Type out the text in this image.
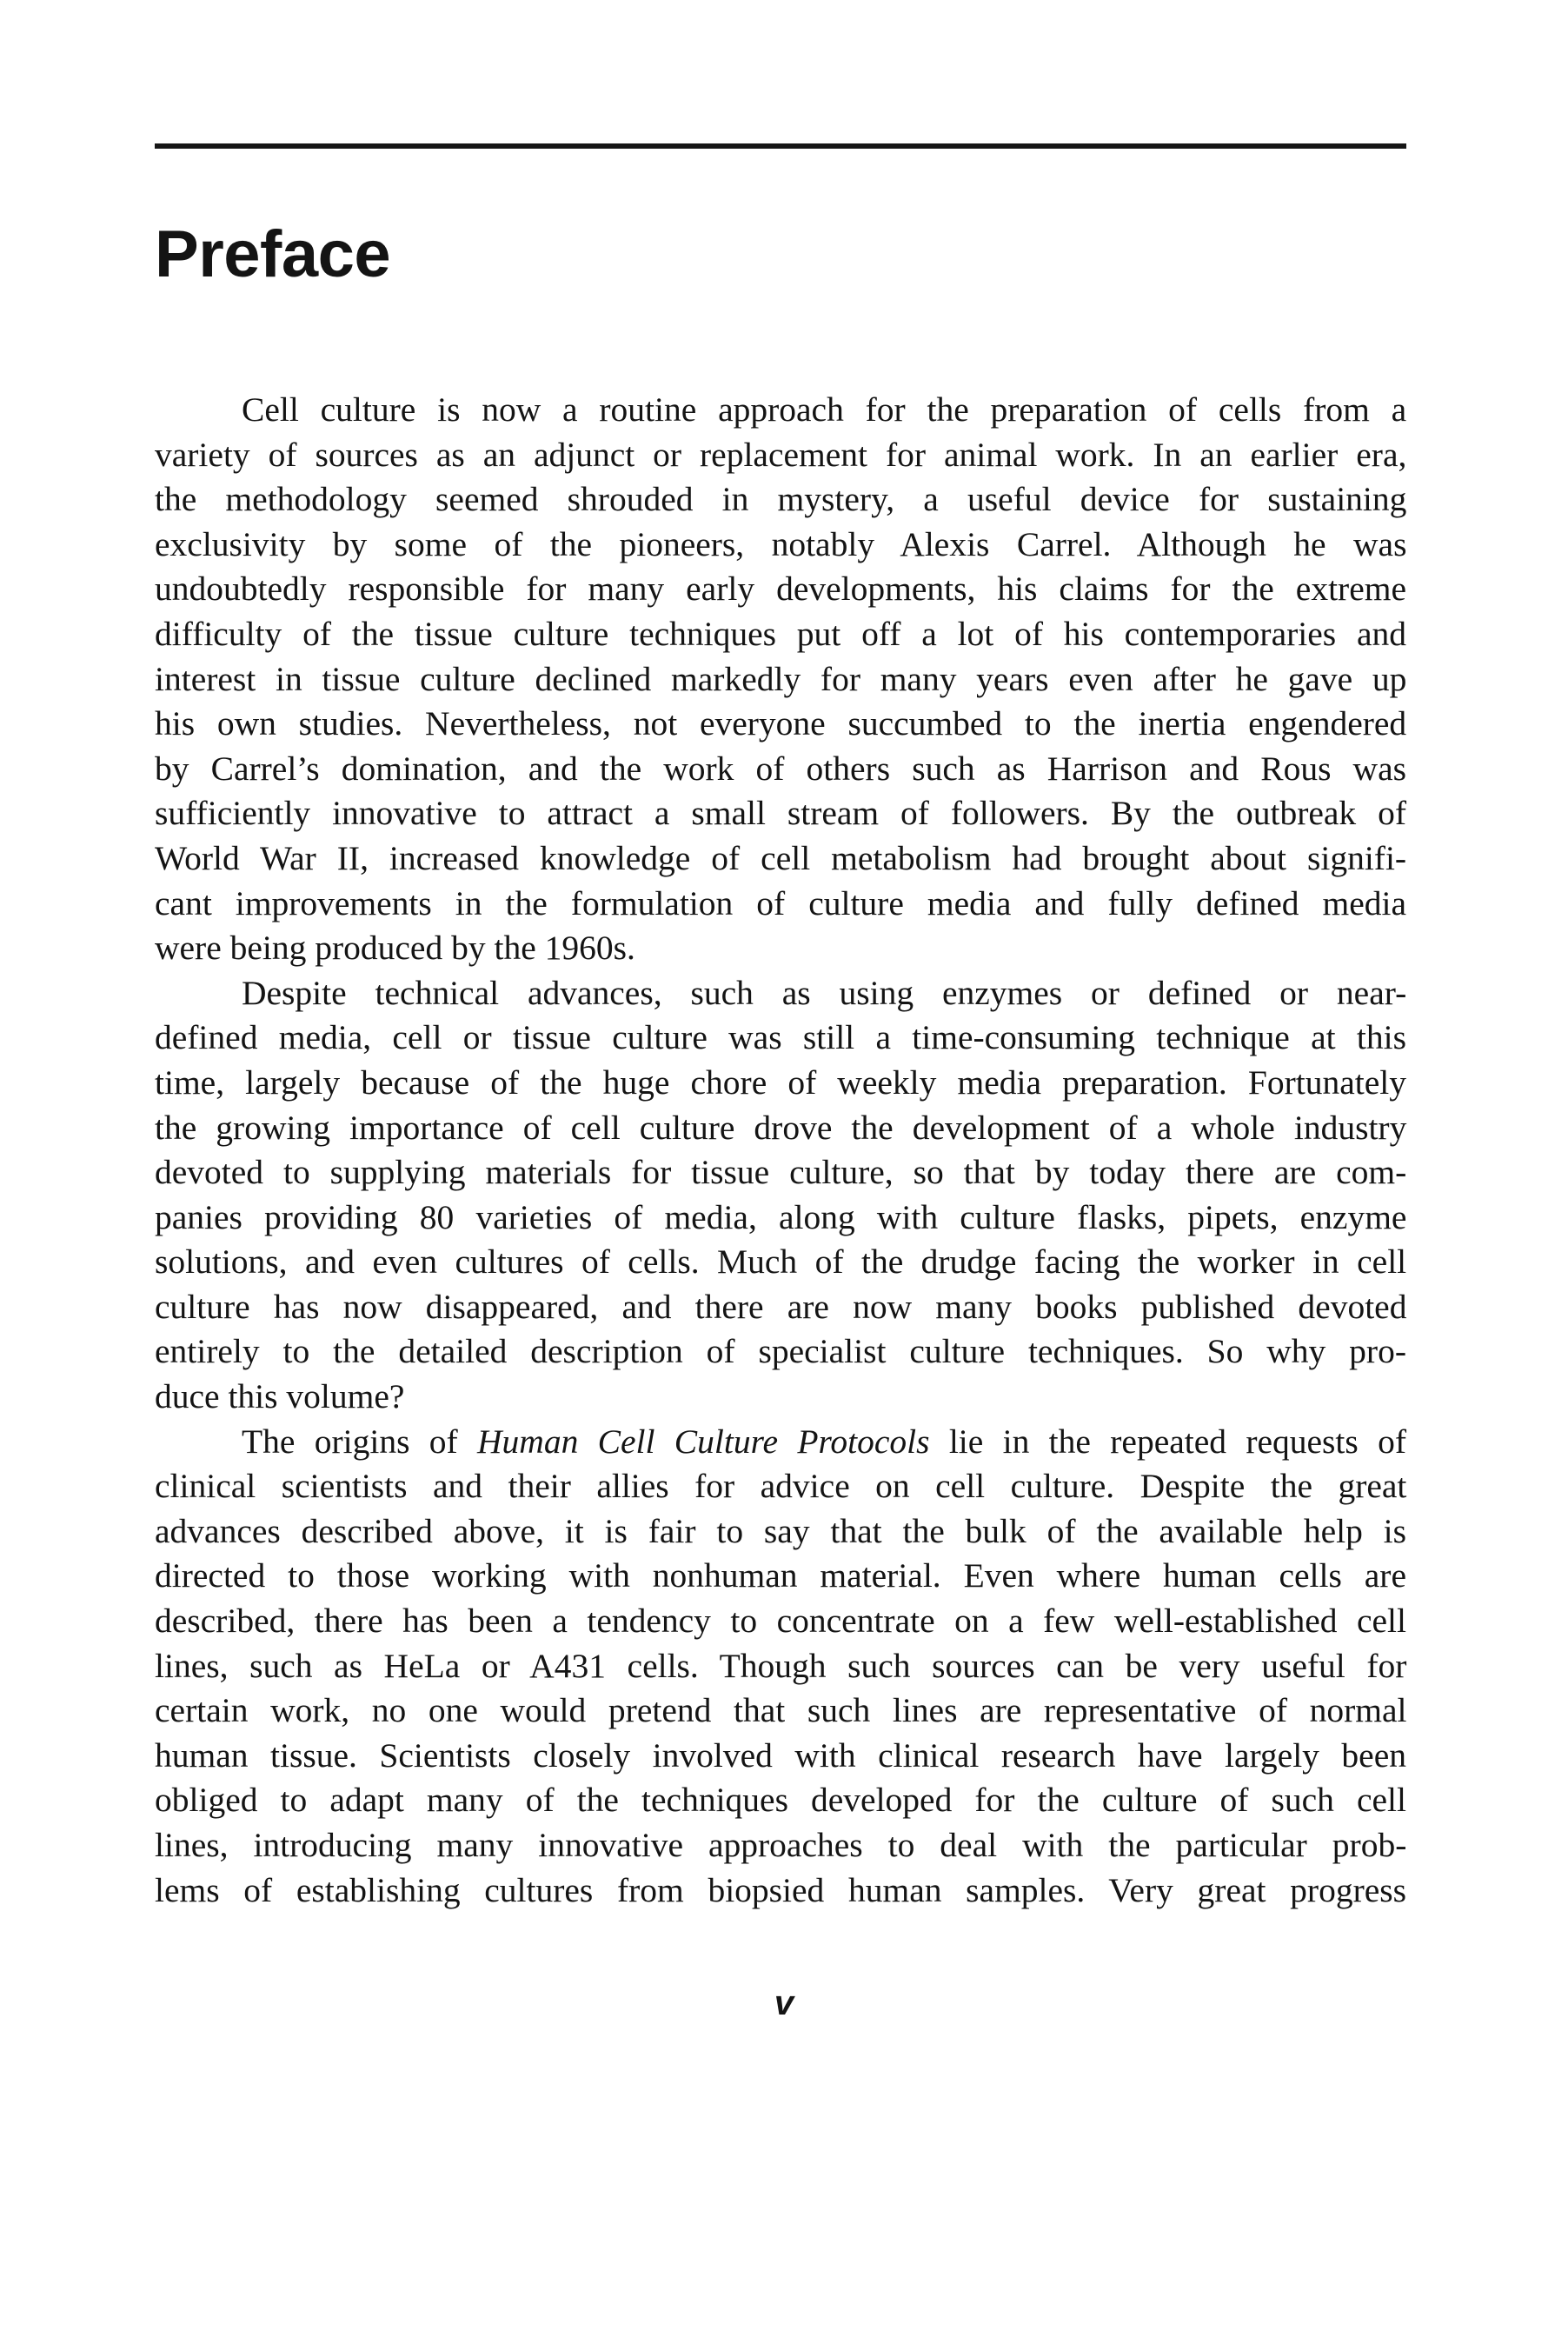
Preface
Cell culture is now a routine approach for the preparation of cells from a
variety of sources as an adjunct or replacement for animal work. In an earlier era,
the methodology seemed shrouded in mystery, a useful device for sustaining
exclusivity by some of the pioneers, notably Alexis Carrel. Although he was
undoubtedly responsible for many early developments, his claims for the extreme
difficulty of the tissue culture techniques put off a lot of his contemporaries and
interest in tissue culture declined markedly for many years even after he gave up
his own studies. Nevertheless, not everyone succumbed to the inertia engendered
by Carrel’s domination, and the work of others such as Harrison and Rous was
sufficiently innovative to attract a small stream of followers. By the outbreak of
World War II, increased knowledge of cell metabolism had brought about signifi-
cant improvements in the formulation of culture media and fully defined media
were being produced by the 1960s.
Despite technical advances, such as using enzymes or defined or near-
defined media, cell or tissue culture was still a time-consuming technique at this
time, largely because of the huge chore of weekly media preparation. Fortunately
the growing importance of cell culture drove the development of a whole industry
devoted to supplying materials for tissue culture, so that by today there are com-
panies providing 80 varieties of media, along with culture flasks, pipets, enzyme
solutions, and even cultures of cells. Much of the drudge facing the worker in cell
culture has now disappeared, and there are now many books published devoted
entirely to the detailed description of specialist culture techniques. So why pro-
duce this volume?
The origins of Human Cell Culture Protocols lie in the repeated requests of
clinical scientists and their allies for advice on cell culture. Despite the great
advances described above, it is fair to say that the bulk of the available help is
directed to those working with nonhuman material. Even where human cells are
described, there has been a tendency to concentrate on a few well-established cell
lines, such as HeLa or A431 cells. Though such sources can be very useful for
certain work, no one would pretend that such lines are representative of normal
human tissue. Scientists closely involved with clinical research have largely been
obliged to adapt many of the techniques developed for the culture of such cell
lines, introducing many innovative approaches to deal with the particular prob-
lems of establishing cultures from biopsied human samples. Very great progress
v
